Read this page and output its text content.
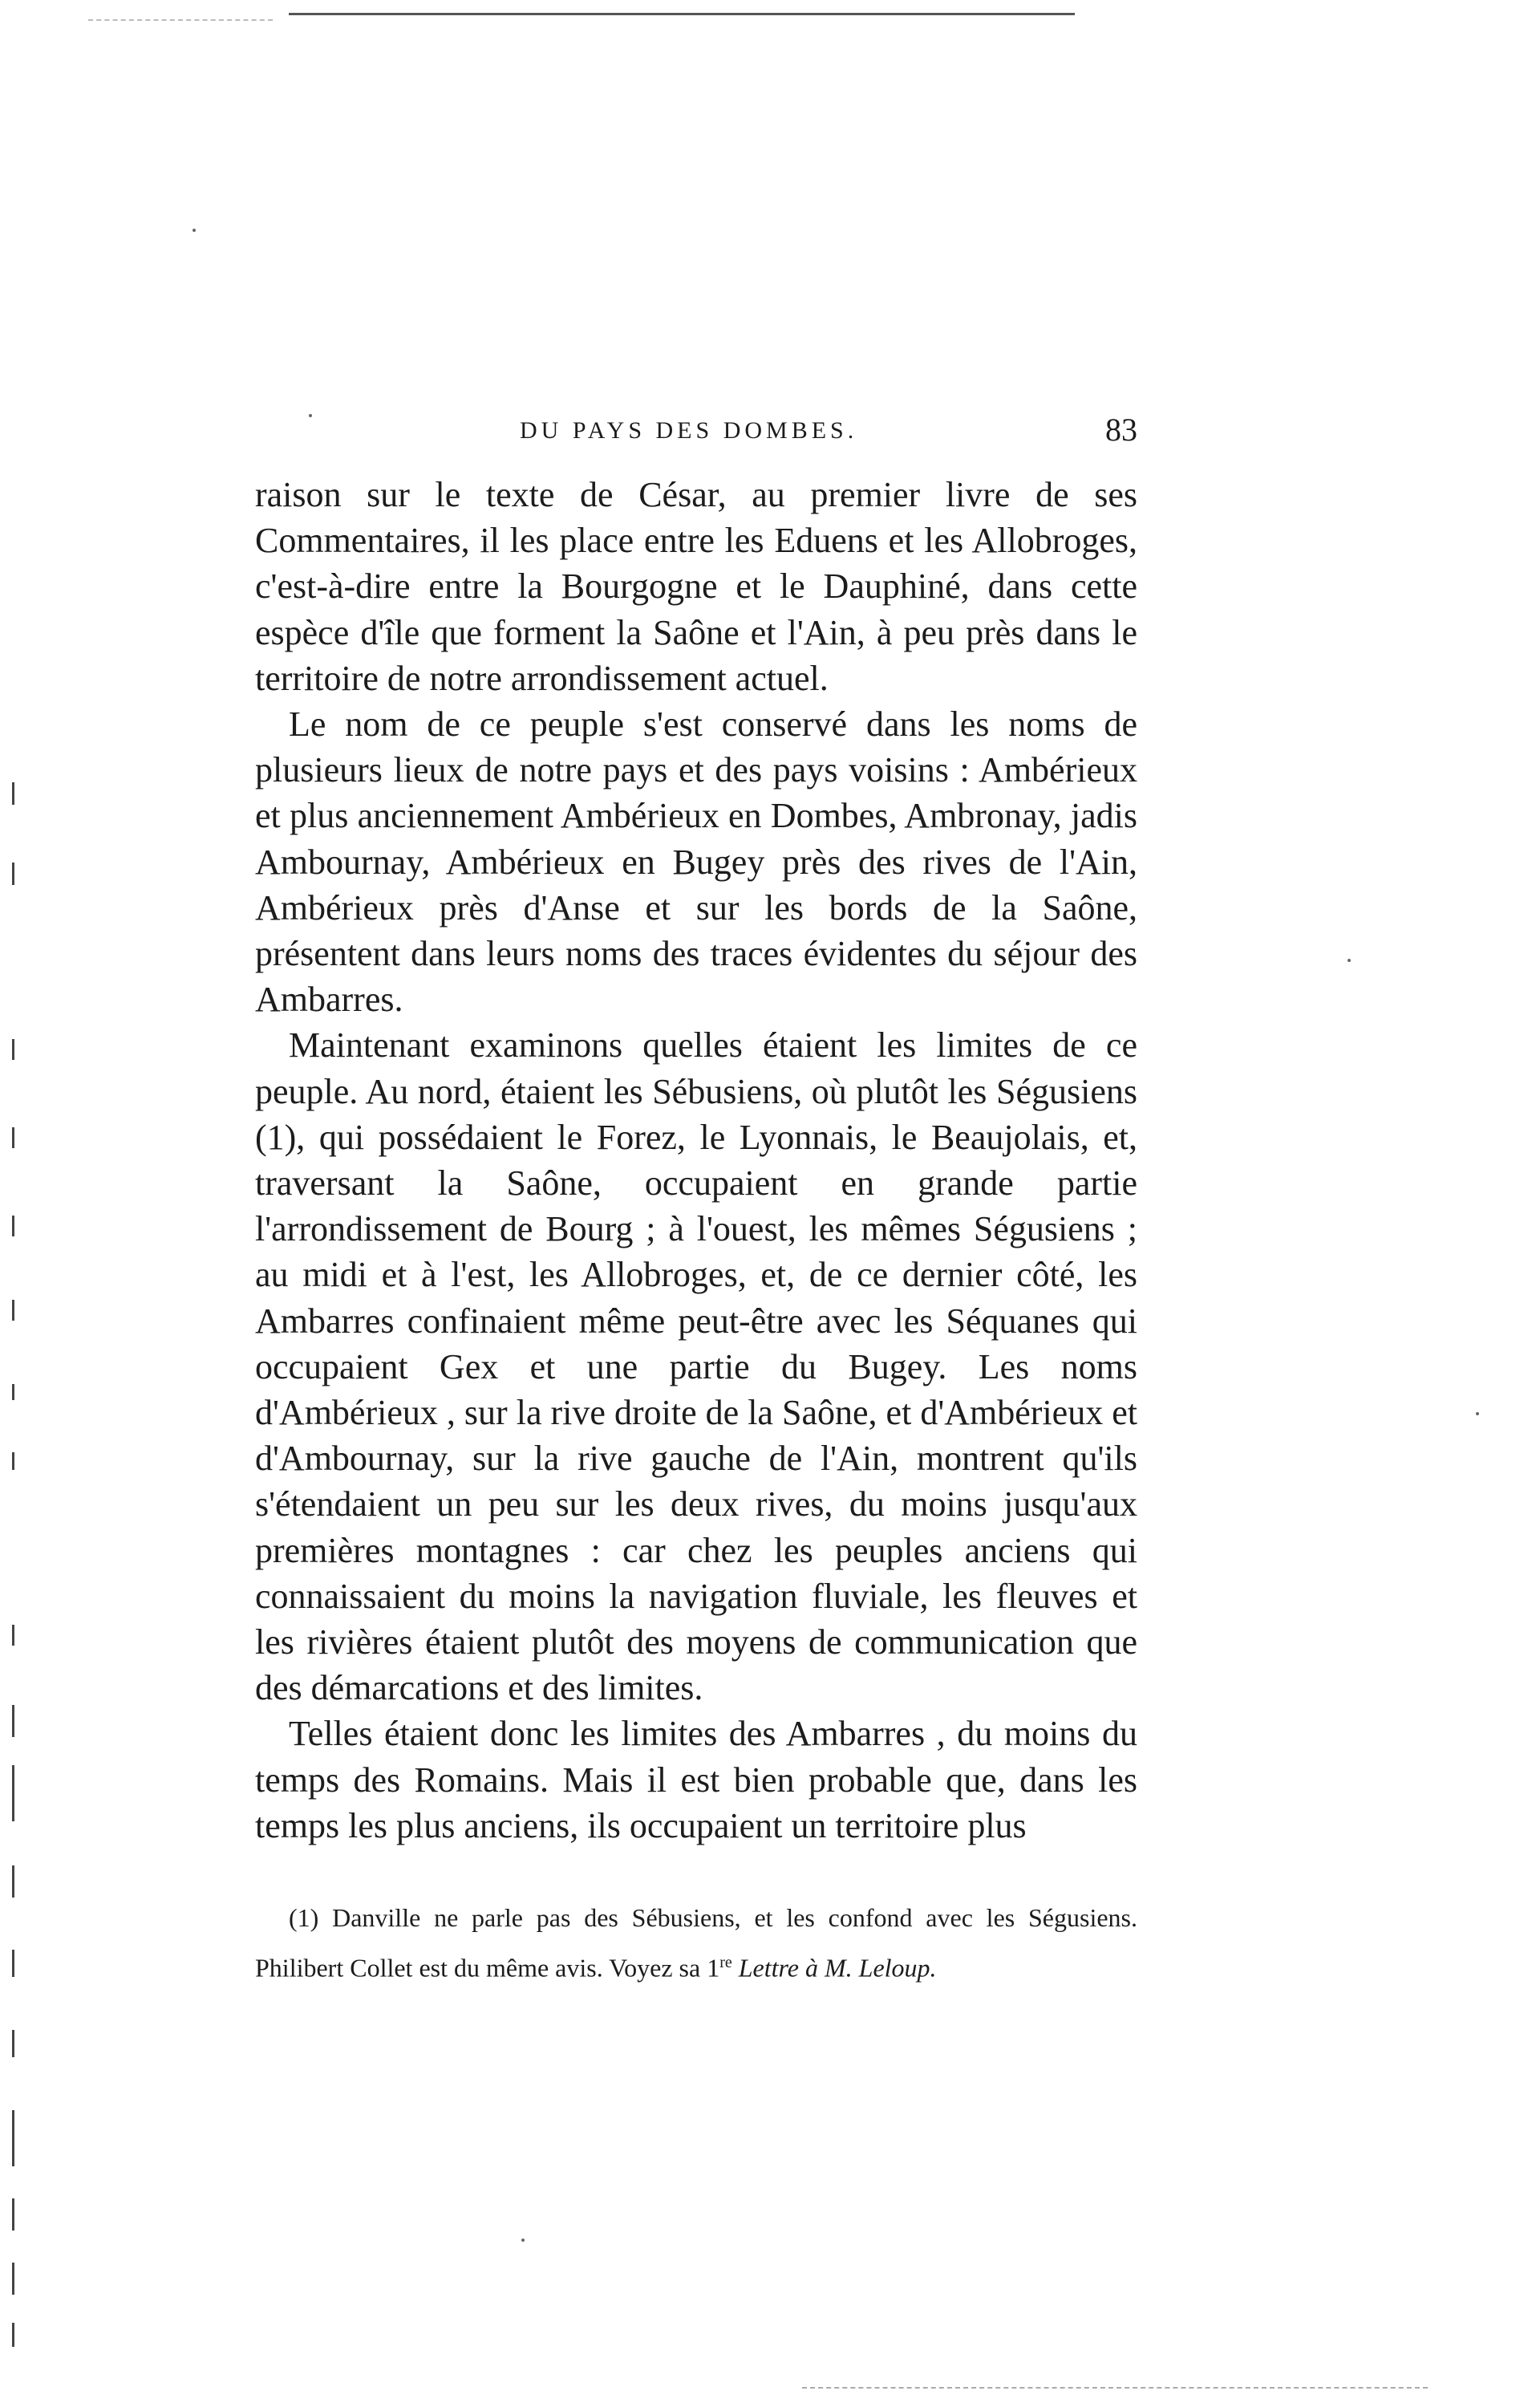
DU PAYS DES DOMBES.	83

raison sur le texte de César, au premier livre de ses Commentaires, il les place entre les Eduens et les Allobroges, c'est-à-dire entre la Bourgogne et le Dauphiné, dans cette espèce d'île que forment la Saône et l'Ain, à peu près dans le territoire de notre arrondissement actuel.

Le nom de ce peuple s'est conservé dans les noms de plusieurs lieux de notre pays et des pays voisins : Ambérieux et plus anciennement Ambérieux en Dombes, Ambronay, jadis Ambournay, Ambérieux en Bugey près des rives de l'Ain, Ambérieux près d'Anse et sur les bords de la Saône, présentent dans leurs noms des traces évidentes du séjour des Ambarres.

Maintenant examinons quelles étaient les limites de ce peuple. Au nord, étaient les Sébusiens, où plutôt les Ségusiens (1), qui possédaient le Forez, le Lyonnais, le Beaujolais, et, traversant la Saône, occupaient en grande partie l'arrondissement de Bourg ; à l'ouest, les mêmes Ségusiens ; au midi et à l'est, les Allobroges, et, de ce dernier côté, les Ambarres confinaient même peut-être avec les Séquanes qui occupaient Gex et une partie du Bugey. Les noms d'Ambérieux , sur la rive droite de la Saône, et d'Ambérieux et d'Ambournay, sur la rive gauche de l'Ain, montrent qu'ils s'étendaient un peu sur les deux rives, du moins jusqu'aux premières montagnes : car chez les peuples anciens qui connaissaient du moins la navigation fluviale, les fleuves et les rivières étaient plutôt des moyens de communication que des démarcations et des limites.

Telles étaient donc les limites des Ambarres , du moins du temps des Romains. Mais il est bien probable que, dans les temps les plus anciens, ils occupaient un territoire plus

(1) Danville ne parle pas des Sébusiens, et les confond avec les Ségusiens. Philibert Collet est du même avis. Voyez sa 1re Lettre à M. Leloup.
